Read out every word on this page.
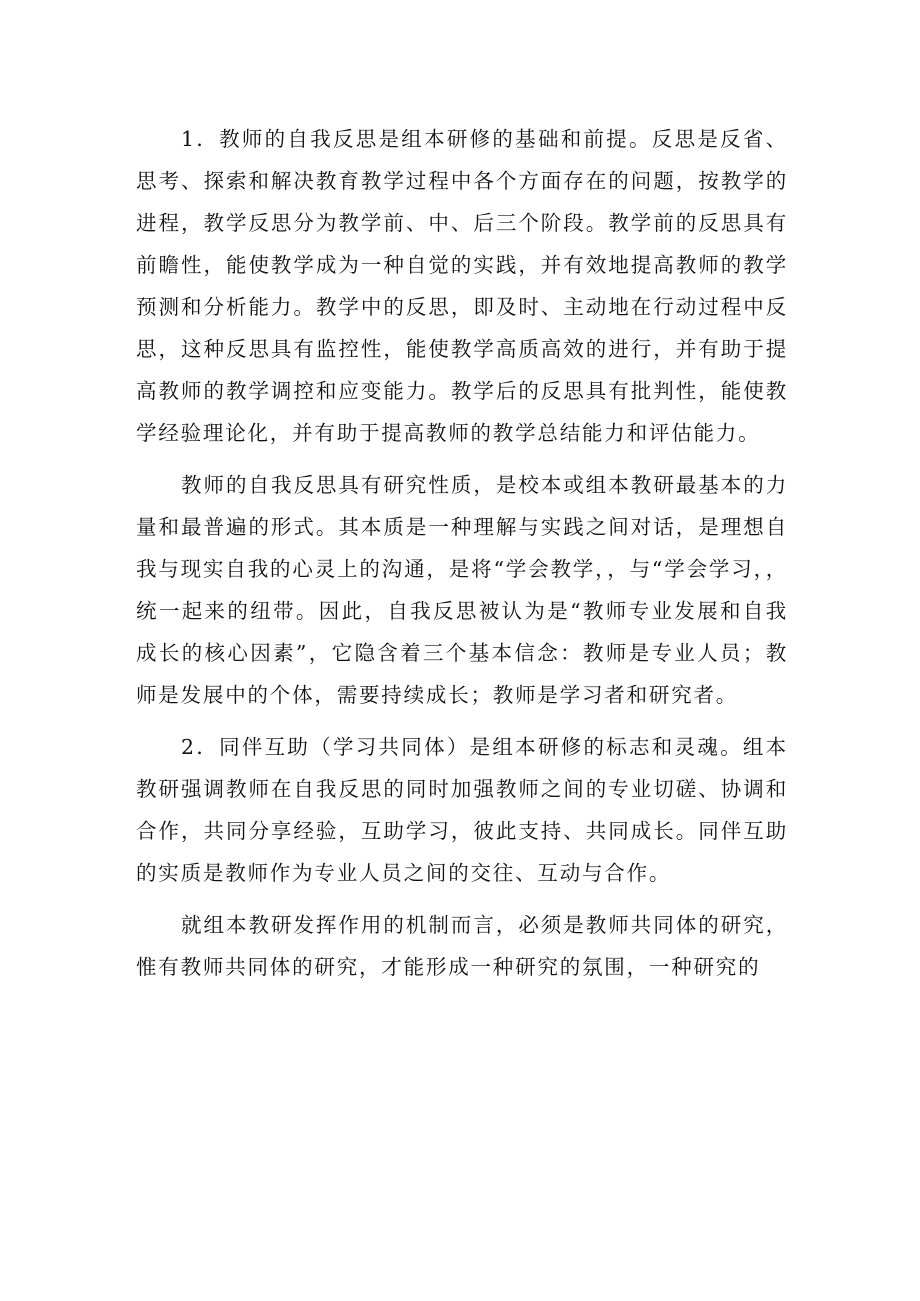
1．教师的自我反思是组本研修的基础和前提。反思是反省、思考、探索和解决教育教学过程中各个方面存在的问题，按教学的进程，教学反思分为教学前、中、后三个阶段。教学前的反思具有前瞻性，能使教学成为一种自觉的实践，并有效地提高教师的教学预测和分析能力。教学中的反思，即及时、主动地在行动过程中反思，这种反思具有监控性，能使教学高质高效的进行，并有助于提高教师的教学调控和应变能力。教学后的反思具有批判性，能使教学经验理论化，并有助于提高教师的教学总结能力和评估能力。

教师的自我反思具有研究性质，是校本或组本教研最基本的力量和最普遍的形式。其本质是一种理解与实践之间对话，是理想自我与现实自我的心灵上的沟通，是将“学会教学，，与“学会学习，，统一起来的纽带。因此，自我反思被认为是“教师专业发展和自我成长的核心因素”，它隐含着三个基本信念：教师是专业人员；教师是发展中的个体，需要持续成长；教师是学习者和研究者。

2．同伴互助（学习共同体）是组本研修的标志和灵魂。组本教研强调教师在自我反思的同时加强教师之间的专业切磋、协调和合作，共同分享经验，互助学习，彼此支持、共同成长。同伴互助的实质是教师作为专业人员之间的交往、互动与合作。

就组本教研发挥作用的机制而言，必须是教师共同体的研究，惟有教师共同体的研究，才能形成一种研究的氛围，一种研究的
